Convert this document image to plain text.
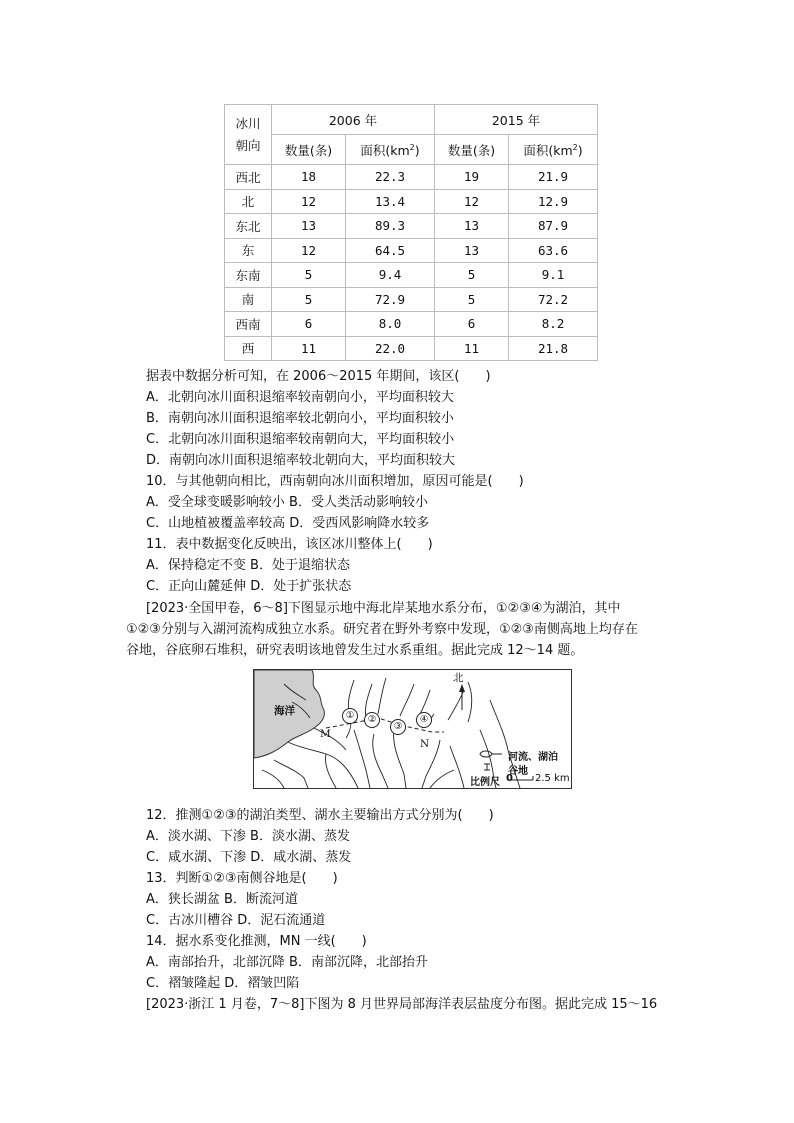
冰川
朝向	2006 年		2015 年	
	数量(条)	面积$(km^2)$	数量(条)	面积$(km^2)$
西北	18	22.3	19	21.9
北	12	13.4	12	12.9
东北	13	89.3	13	87.9
东	12	64.5	13	63.6
东南	5	9.4	5	9.1
南	5	72.9	5	72.2
西南	6	8.0	6	8.2
西	11	22.0	11	21.8
据表中数据分析可知，在 2006～2015 年期间，该区(　　)
A．北朝向冰川面积退缩率较南朝向小，平均面积较大
B．南朝向冰川面积退缩率较北朝向小，平均面积较小
C．北朝向冰川面积退缩率较南朝向大，平均面积较小
D．南朝向冰川面积退缩率较北朝向大，平均面积较大
10．与其他朝向相比，西南朝向冰川面积增加，原因可能是(　　)
A．受全球变暖影响较小 B．受人类活动影响较小
C．山地植被覆盖率较高 D．受西风影响降水较多
11．表中数据变化反映出，该区冰川整体上(　　)
A．保持稳定不变 B．处于退缩状态
C．正向山麓延伸 D．处于扩张状态
[2023·全国甲卷，6～8]下图显示地中海北岸某地水系分布，①②③④为湖泊，其中
①②③分别与入湖河流构成独立水系。研究者在野外考察中发现，①②③南侧高地上均存在
谷地，谷底卵石堆积，研究表明该地曾发生过水系重组。据此完成 12～14 题。
海洋
北
①	②
③
④
M
N
河流、湖泊
谷地
比例尺 0 2.5 km
12．推测①②③的湖泊类型、湖水主要输出方式分别为(　　)
A．淡水湖、下渗 B．淡水湖、蒸发
C．咸水湖、下渗 D．咸水湖、蒸发
13．判断①②③南侧谷地是(　　)
A．狭长湖盆 B．断流河道
C．古冰川槽谷 D．泥石流通道
14．据水系变化推测，MN 一线(　　)
A．南部抬升，北部沉降 B．南部沉降，北部抬升
C．褶皱隆起 D．褶皱凹陷
[2023·浙江 1 月卷，7～8]下图为 8 月世界局部海洋表层盐度分布图。据此完成 15～16
